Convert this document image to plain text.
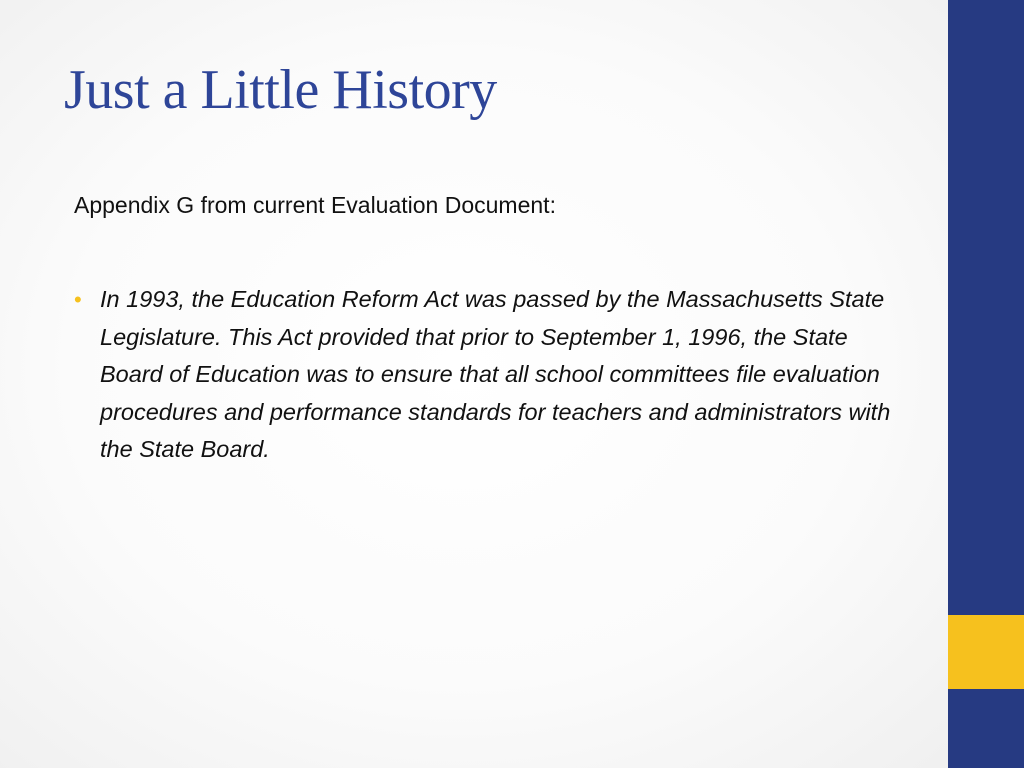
Just a Little History

Appendix G from current Evaluation Document:

• In 1993, the Education Reform Act was passed by the Massachusetts State Legislature. This Act provided that prior to September 1, 1996, the State Board of Education was to ensure that all school committees file evaluation procedures and performance standards for teachers and administrators with the State Board.
